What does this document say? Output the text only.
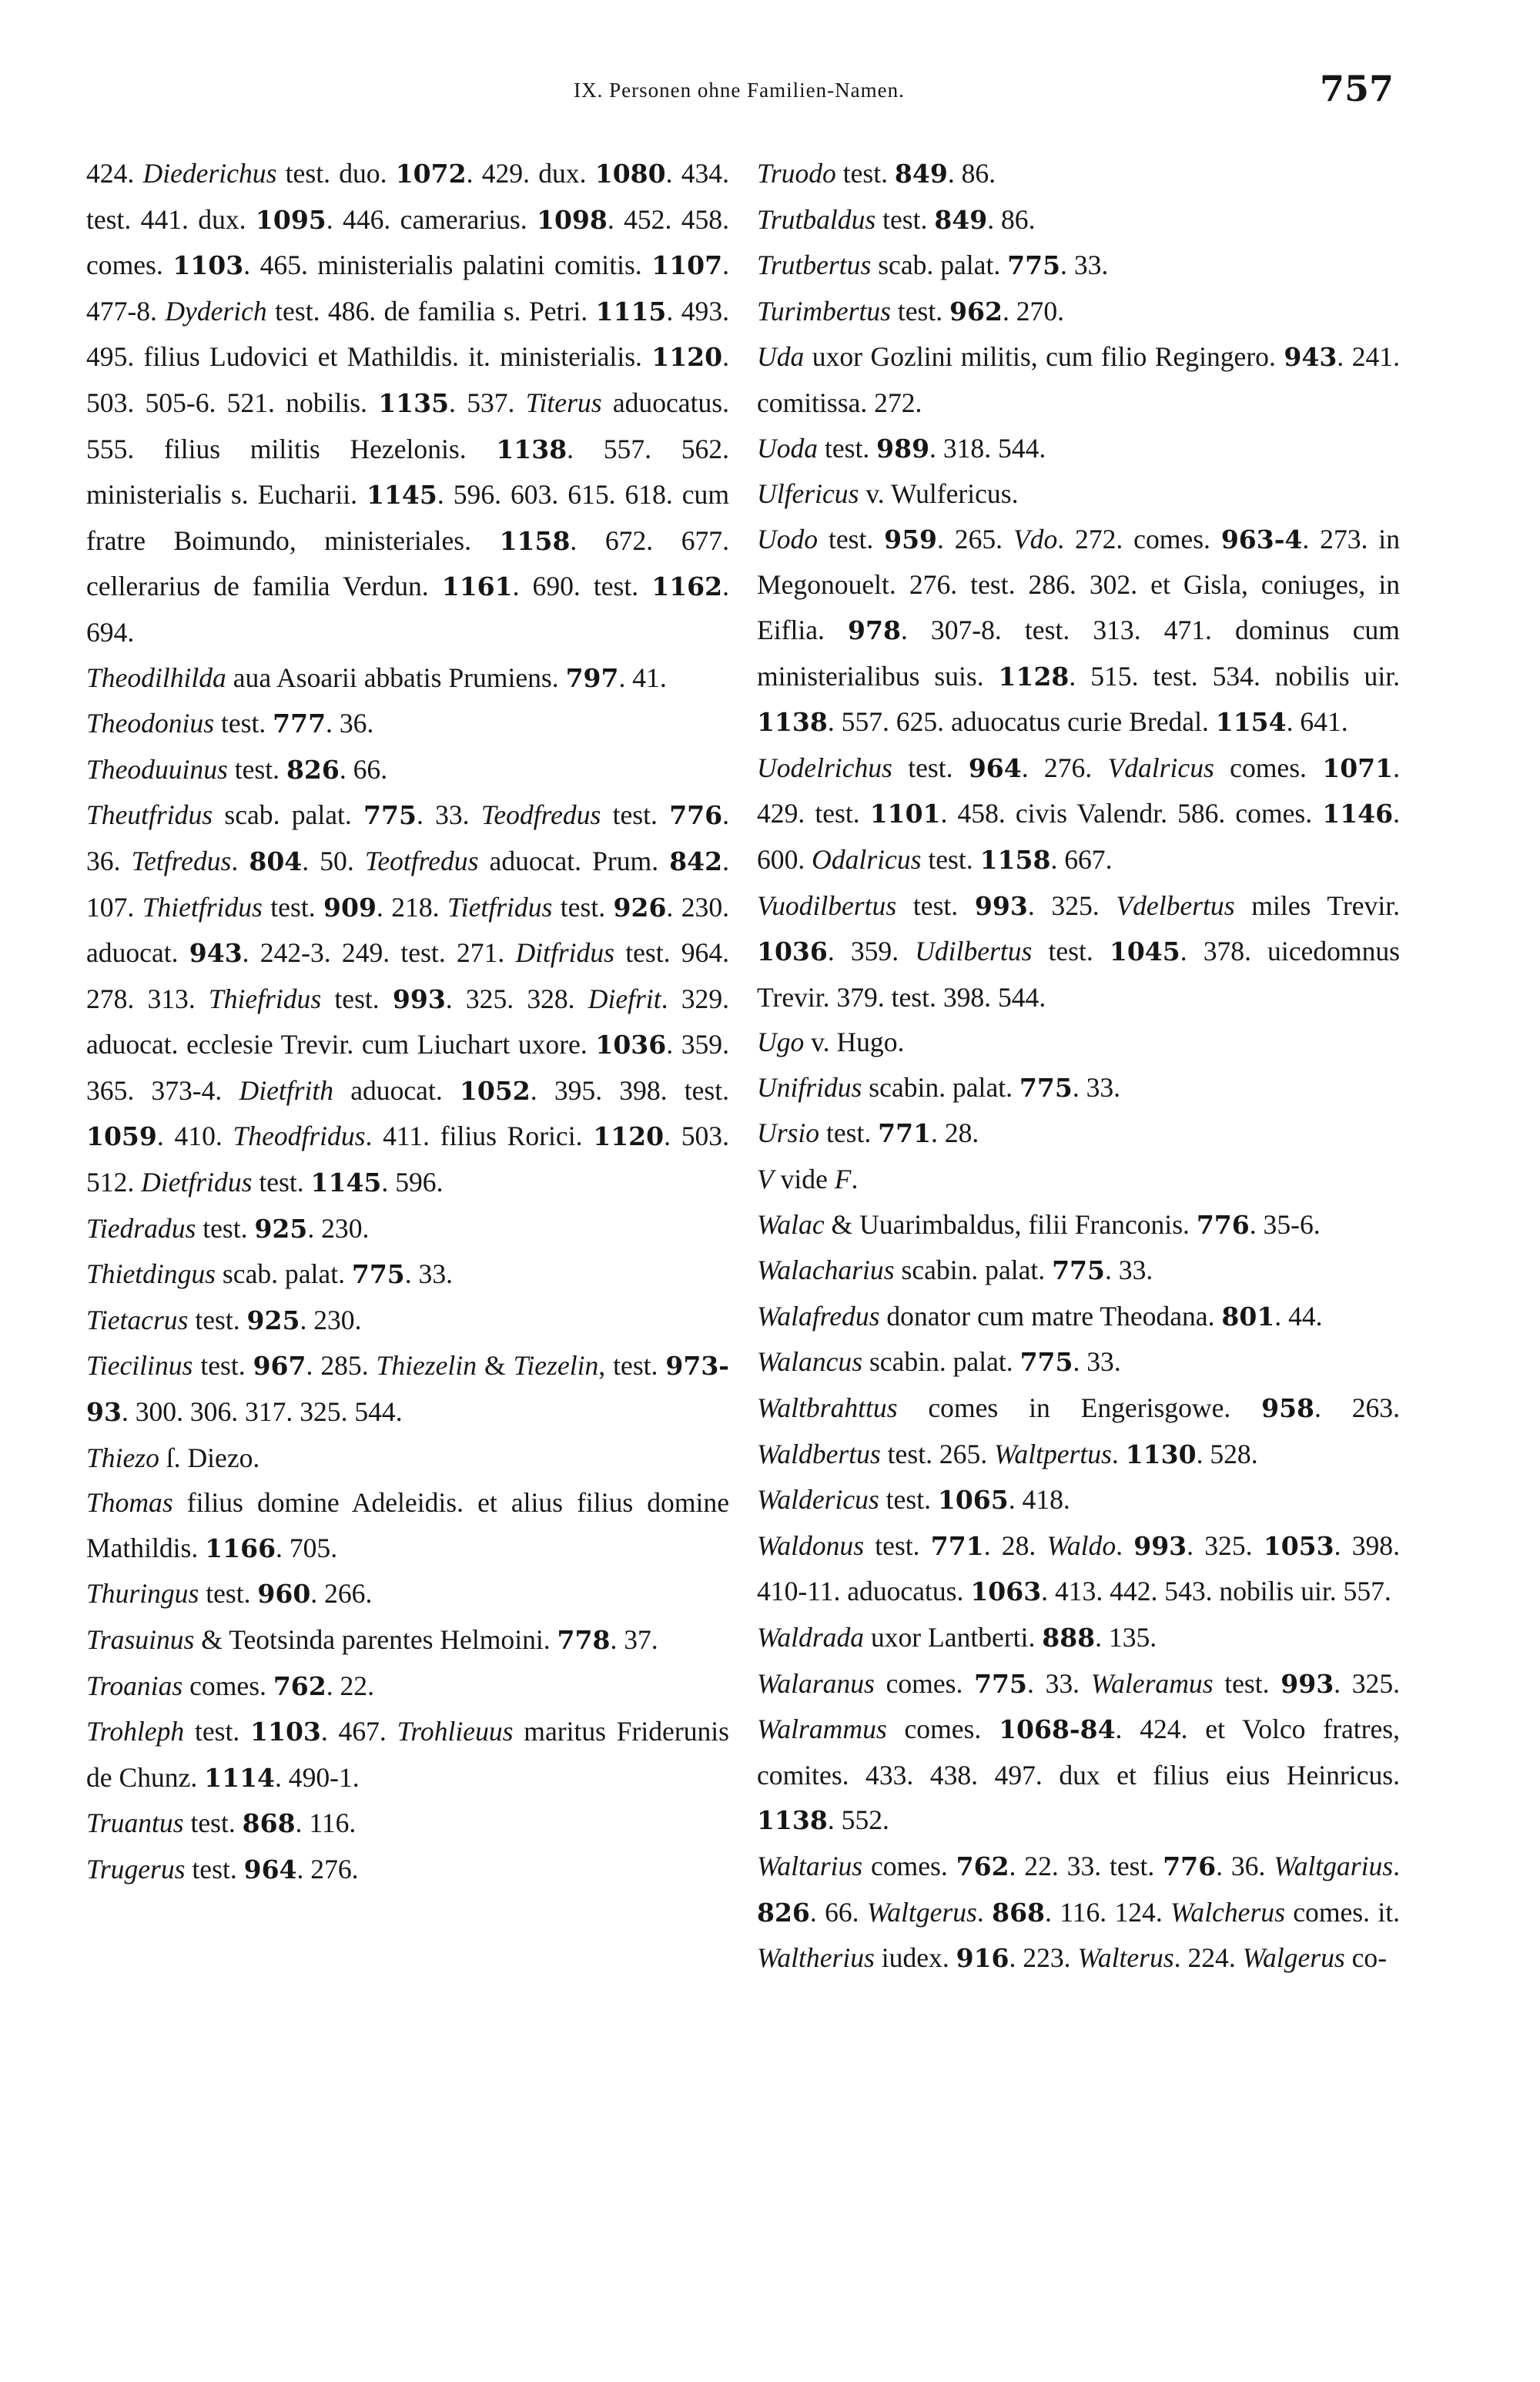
IX. Personen ohne Familien-Namen.	757

424. Diederichus test. duo. 1072. 429. dux. 1080. 434. test. 441. dux. 1095. 446. camerarius. 1098. 452. 458. comes. 1103. 465. ministerialis palatini comitis. 1107. 477-8. Dyderich test. 486. de familia s. Petri. 1115. 493. 495. filius Ludovici et Mathildis. it. ministerialis. 1120. 503. 505-6. 521. nobilis. 1135. 537. Titerus aduocatus. 555. filius militis Hezelonis. 1138. 557. 562. ministerialis s. Eucharii. 1145. 596. 603. 615. 618. cum fratre Boimundo, ministeriales. 1158. 672. 677. cellerarius de familia Verdun. 1161. 690. test. 1162. 694.

Theodilhilda aua Asoarii abbatis Prumiens. 797. 41.

Theodonius test. 777. 36.

Theoduuinus test. 826. 66.

Theutfridus scab. palat. 775. 33. Teodfredus test. 776. 36. Tetfredus. 804. 50. Teotfredus aduocat. Prum. 842. 107. Thietfridus test. 909. 218. Tietfridus test. 926. 230. aduocat. 943. 242-3. 249. test. 271. Ditfridus test. 964. 278. 313. Thiefridus test. 993. 325. 328. Diefrit. 329. aduocat. ecclesie Trevir. cum Liuchart uxore. 1036. 359. 365. 373-4. Dietfrith aduocat. 1052. 395. 398. test. 1059. 410. Theodfridus. 411. filius Rorici. 1120. 503. 512. Dietfridus test. 1145. 596.

Tiedradus test. 925. 230.

Thietdingus scab. palat. 775. 33.

Tietacrus test. 925. 230.

Tiecilinus test. 967. 285. Thiezelin & Tiezelin, test. 973-93. 300. 306. 317. 325. 544.

Thiezo ſ. Diezo.

Thomas filius domine Adeleidis. et alius filius domine Mathildis. 1166. 705.

Thuringus test. 960. 266.

Trasuinus & Teotsinda parentes Helmoini. 778. 37.

Troanias comes. 762. 22.

Trohleph test. 1103. 467. Trohlieuus maritus Friderunis de Chunz. 1114. 490-1.

Truantus test. 868. 116.

Trugerus test. 964. 276.

Truodo test. 849. 86.

Trutbaldus test. 849. 86.

Trutbertus scab. palat. 775. 33.

Turimbertus test. 962. 270.

Uda uxor Gozlini militis, cum filio Regingero. 943. 241. comitissa. 272.

Uoda test. 989. 318. 544.

Ulfericus v. Wulfericus.

Uodo test. 959. 265. Vdo. 272. comes. 963-4. 273. in Megonouelt. 276. test. 286. 302. et Gisla, coniuges, in Eiflia. 978. 307-8. test. 313. 471. dominus cum ministerialibus suis. 1128. 515. test. 534. nobilis uir. 1138. 557. 625. aduocatus curie Bredal. 1154. 641.

Uodelrichus test. 964. 276. Vdalricus comes. 1071. 429. test. 1101. 458. civis Valendr. 586. comes. 1146. 600. Odalricus test. 1158. 667.

Vuodilbertus test. 993. 325. Vdelbertus miles Trevir. 1036. 359. Udilbertus test. 1045. 378. uicedomnus Trevir. 379. test. 398. 544.

Ugo v. Hugo.

Unifridus scabin. palat. 775. 33.

Ursio test. 771. 28.

V vide F.

Walac & Uuarimbaldus, filii Franconis. 776. 35-6.

Walacharius scabin. palat. 775. 33.

Walafredus donator cum matre Theodana. 801. 44.

Walancus scabin. palat. 775. 33.

Waltbrahttus comes in Engerisgowe. 958. 263. Waldbertus test. 265. Waltpertus. 1130. 528.

Waldericus test. 1065. 418.

Waldonus test. 771. 28. Waldo. 993. 325. 1053. 398. 410-11. aduocatus. 1063. 413. 442. 543. nobilis uir. 557.

Waldrada uxor Lantberti. 888. 135.

Walaranus comes. 775. 33. Waleramus test. 993. 325. Walrammus comes. 1068-84. 424. et Volco fratres, comites. 433. 438. 497. dux et filius eius Heinricus. 1138. 552.

Waltarius comes. 762. 22. 33. test. 776. 36. Waltgarius. 826. 66. Waltgerus. 868. 116. 124. Walcherus comes. it. Waltherius iudex. 916. 223. Walterus. 224. Walgerus co-
